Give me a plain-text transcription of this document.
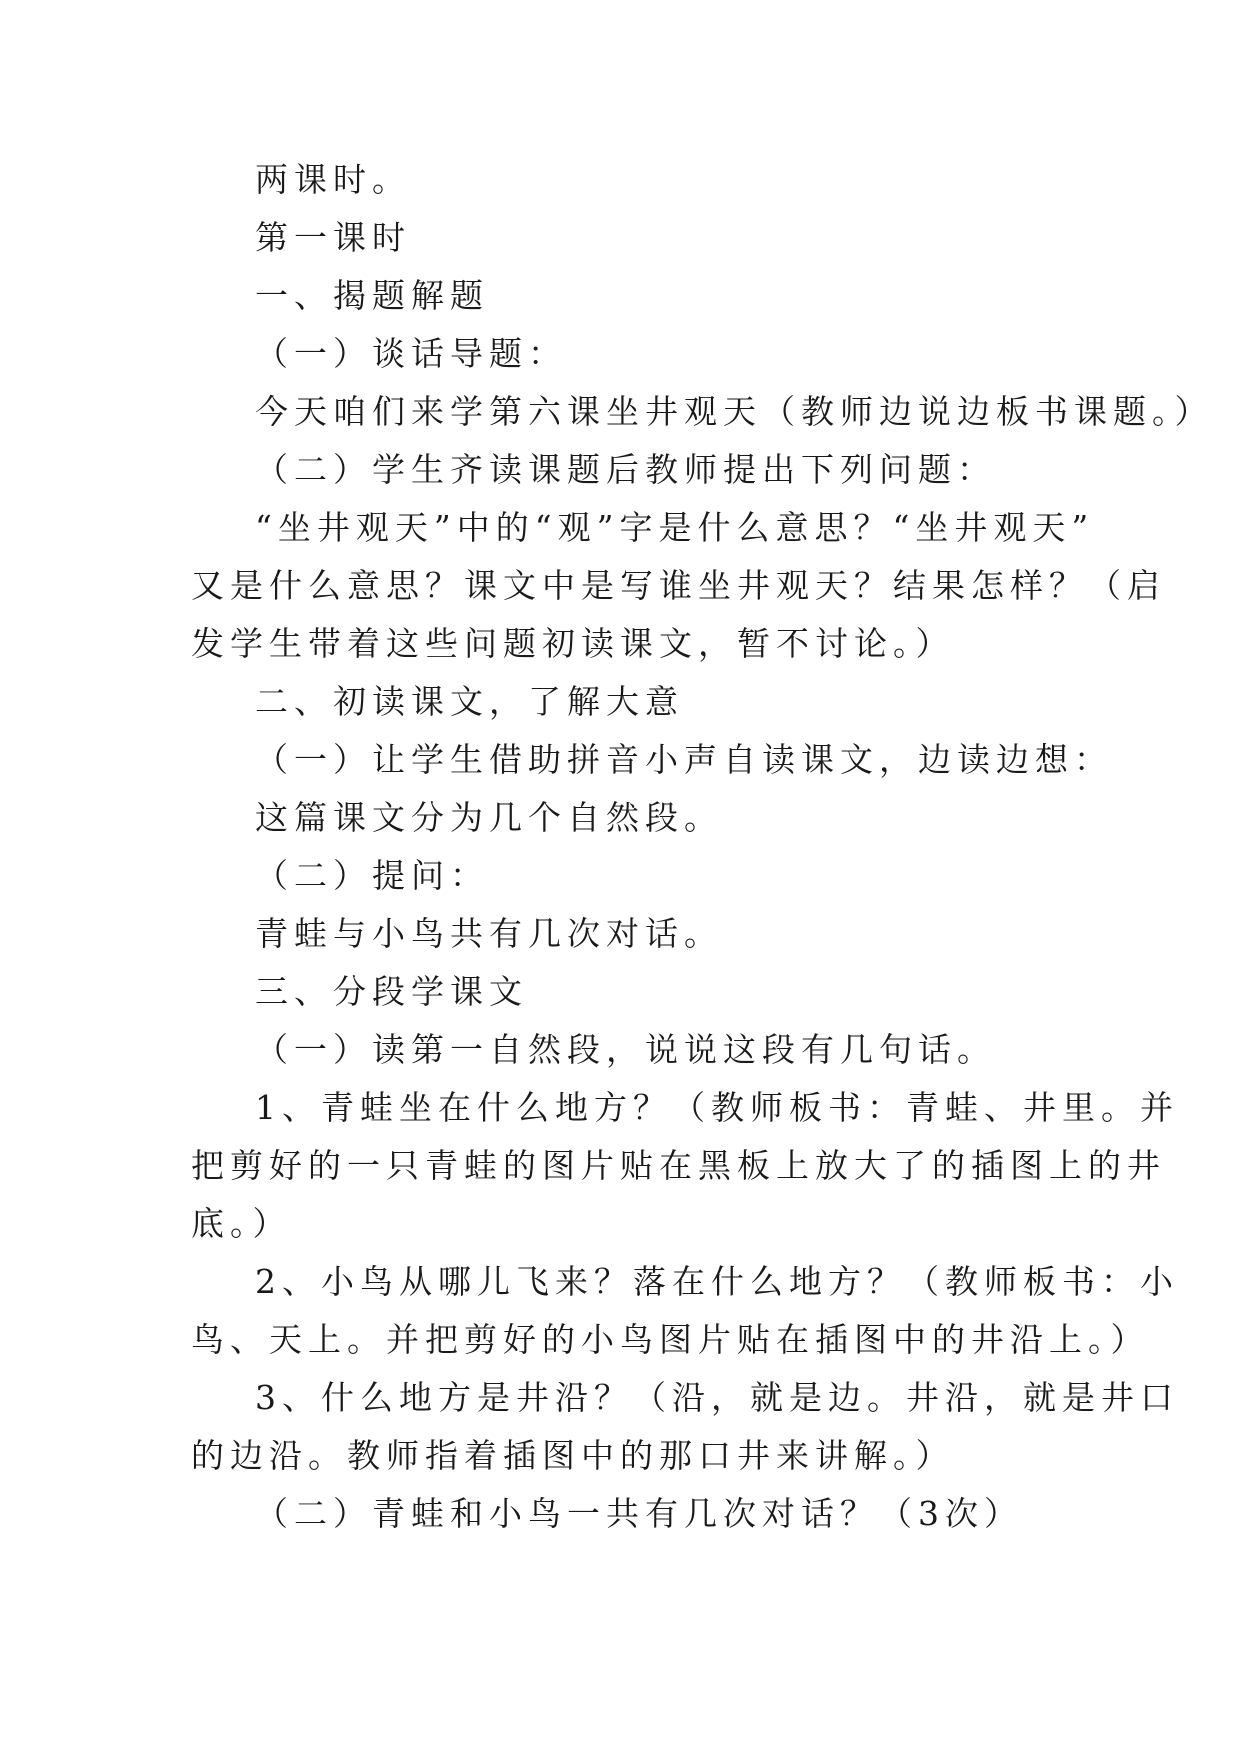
两课时。
第一课时
一、揭题解题
（一）谈话导题：
今天咱们来学第六课坐井观天（教师边说边板书课题。）
（二）学生齐读课题后教师提出下列问题：
“坐井观天”中的“观”字是什么意思？“坐井观天”
又是什么意思？课文中是写谁坐井观天？结果怎样？（启
发学生带着这些问题初读课文，暂不讨论。）
二、初读课文，了解大意
（一）让学生借助拼音小声自读课文，边读边想：
这篇课文分为几个自然段。
（二）提问：
青蛙与小鸟共有几次对话。
三、分段学课文
（一）读第一自然段，说说这段有几句话。
1、青蛙坐在什么地方？（教师板书：青蛙、井里。并
把剪好的一只青蛙的图片贴在黑板上放大了的插图上的井
底。）
2、小鸟从哪儿飞来？落在什么地方？（教师板书：小
鸟、天上。并把剪好的小鸟图片贴在插图中的井沿上。）
3、什么地方是井沿？（沿，就是边。井沿，就是井口
的边沿。教师指着插图中的那口井来讲解。）
（二）青蛙和小鸟一共有几次对话？（3次）
